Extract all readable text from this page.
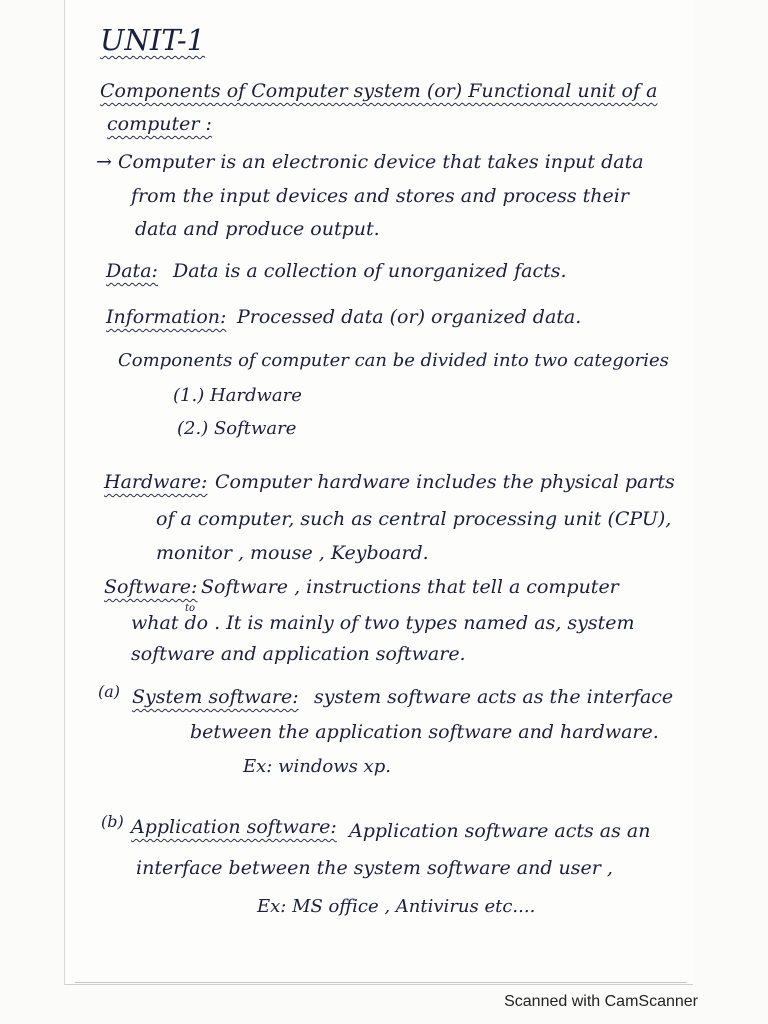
UNIT-1
Components of Computer system (or) Functional unit of a
computer :
→ Computer is an electronic device that takes input data
from the input devices and stores and process their
data and produce output.
Data: Data is a collection of unorganized facts.
Information: Processed data (or) organized data.
Components of computer can be divided into two categories
(1.) Hardware
(2.) Software
Hardware: Computer hardware includes the physical parts
of a computer, such as central processing unit (CPU),
monitor , mouse , Keyboard.
Software: Software , instructions that tell a computer
to
what do . It is mainly of two types named as, system
software and application software.
(a) System software: system software acts as the interface
between the application software and hardware.
Ex: windows xp.
(b) Application software: Application software acts as an
interface between the system software and user ,
Ex: MS office , Antivirus etc....
Scanned with CamScanner
